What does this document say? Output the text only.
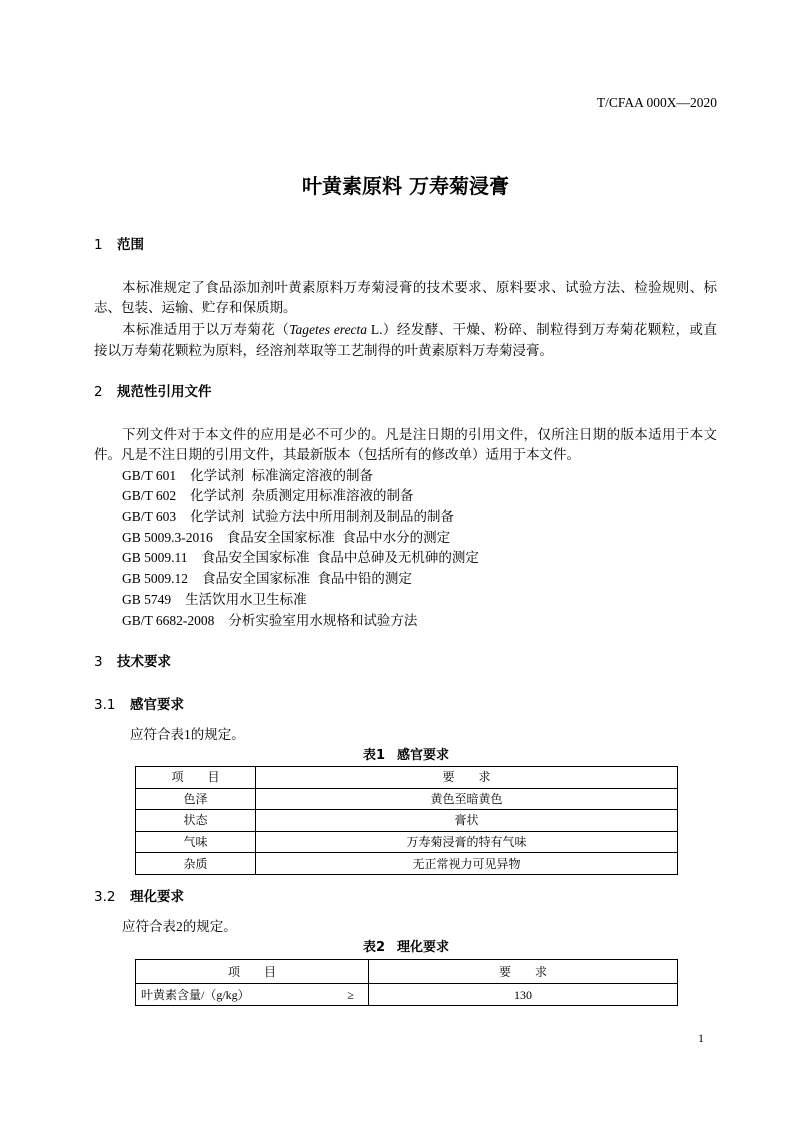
T/CFAA 000X—2020
叶黄素原料 万寿菊浸膏
1 范围
本标准规定了食品添加剂叶黄素原料万寿菊浸膏的技术要求、原料要求、试验方法、检验规则、标
志、包装、运输、贮存和保质期。
本标准适用于以万寿菊花（Tagetes erecta L.）经发酵、干燥、粉碎、制粒得到万寿菊花颗粒，或直
接以万寿菊花颗粒为原料，经溶剂萃取等工艺制得的叶黄素原料万寿菊浸膏。
2 规范性引用文件
下列文件对于本文件的应用是必不可少的。凡是注日期的引用文件，仅所注日期的版本适用于本文
件。凡是不注日期的引用文件，其最新版本（包括所有的修改单）适用于本文件。
GB/T 601 化学试剂 标准滴定溶液的制备
GB/T 602 化学试剂 杂质测定用标准溶液的制备
GB/T 603 化学试剂 试验方法中所用制剂及制品的制备
GB 5009.3-2016 食品安全国家标准 食品中水分的测定
GB 5009.11 食品安全国家标准 食品中总砷及无机砷的测定
GB 5009.12 食品安全国家标准 食品中铅的测定
GB 5749 生活饮用水卫生标准
GB/T 6682-2008 分析实验室用水规格和试验方法
3 技术要求
3.1 感官要求
应符合表1的规定。
表1 感官要求
项　　目	要　　求
色泽	黄色至暗黄色
状态	膏状
气味	万寿菊浸膏的特有气味
杂质	无正常视力可见异物
3.2 理化要求
应符合表2的规定。
表2 理化要求
项　　目	要　　求
叶黄素含量/（g/kg） ≥	130
1
